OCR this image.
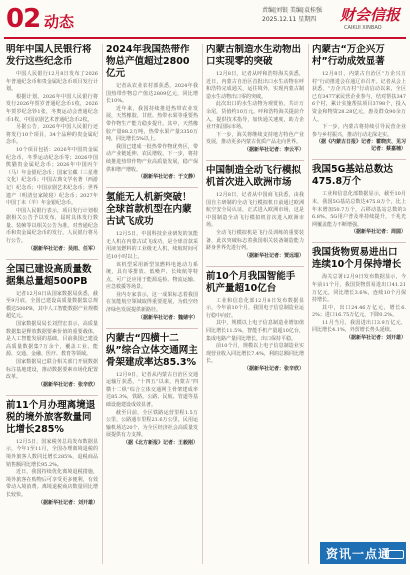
02 动态
责编|刘银 美编|袁桂强
2025.12.11 星期四	财会信报
CAIKUI XINBAO
明年中国人民银行将发行这些纪念币

中国人民银行12月8日发布了2026年普通纪念币和贵金属纪念币项目发行计划。

根据计划，2026年中国人民银行将发行2026年贺岁普通纪念币1枚，2026年贺岁纪念钞1张，冬奥运动会普通纪念币1枚，中国京剧艺术普通纪念币2枚。

另据公告，2026年中国人民银行还将发行10个项目，34个品种的贵金属纪念币。

10个项目包括：2026年中国贵金属纪念币，冬季运动纪念币等；2026中国熊猫贵金属纪念币；2026年中国丙午（马）年金银纪念币；国家宝藏（三星堆文化）纪念币；中国古典文学名著（西游记）纪念币；中国京剧艺术纪念币；世界遗产（明清皇家陵寝）纪念币；2027年中国丁未（羊）年金银纪念币。

中国人民银行表示，项目发行计划根据相关公告予以发布，届时具体发行数量、装帧等以相关公告为准。对普通纪念币和贵金属纪念币的发行，人民银行将另行公告。

（据新华社记者：吴雨、任军）
全国已建设高质量数据集总量超500PB

记者12月8日从国家数据局获悉，截至9月底，全国已建设高质量数据集总规模达500PB，其中人工智能数据产业规模超亿元。

国家数据局局长刘烈宏表示，高质量数据集是释放数据要素价值的重要载体，是人工智能发展的基础。目前我国已建设高质量数据集7万余个，覆盖工业、能源、交通、金融、医疗、教育等领域。

国家数据局已联合相关部门开展数据标注基地建设，推动数据要素市场化配置改革。

（据新华社记者：张辛欣）
前11个月办理离境退税的境外旅客数量同比增长285%

12月5日，国家税务总局发布数据显示，今年1至11月，全国办理离境退税的境外旅客人数同比增长285%，退税商品销售额同比增长95.2%。

近日，我国持续优化离境退税措施，境外旅客在购物后可享受更多便利，有效带动入境消费。离境退税商店数量同比增长较快。

（据新华社记者：刘开雄）
2024年我国热带作物总产值超过2800亿元

记者从农业农村部获悉，2024年我国热带作物总产值达2809亿元，同比增长10%。

近年来，我国持续推进热带农业发展，天然橡胶、甘蔗、热带水果等重要热带作物生产能力稳步提升。其中，天然橡胶产量88.2万吨，热带水果产量3350万吨，同比增长5%以上。

我国已建成一批热带作物优势区，带动产业链延伸、农民增收。下一步，将持续推进热带作物产业高质量发展，稳产保供和增产增收。

（据新华社记者：于文静）
氢能无人机新突破！全球首款机型在内蒙古试飞成功

12月5日，中国科技企业研发的氢能无人机在内蒙古试飞成功，是全球首款采用液氢燃料的工业级无人机，续航时间可达10小时以上。

该机型采用新型氢燃料电池动力系统，具有零排放、低噪声、长续航等特点，可广泛应用于能源巡检、物流运输、应急救援等场景。

业内专家表示，这一成果标志着我国在氢能航空领域取得重要进展，为低空经济绿色发展提供新路径。

（据新华社记者：魏婧宇）
内蒙古“四横十二纵”综合立体交通网主骨架建成率达85.3%

12月9日，记者从内蒙古自治区交通运输厅获悉，“十四五”以来，内蒙古“四横十二纵”综合立体交通网主骨架建成率达85.3%，铁路、公路、民航、管道等基础设施建设成效显著。

截至目前，全区铁路运营里程1.5万公里，公路通车里程21.6万公里，民用运输机场达20个，为全区经济社会高质量发展提供有力支撑。

（据《北方新报》记者：王毅刚）
内蒙古制造水生动物出口实现零的突破

12月8日，记者从呼和浩特海关获悉，近日，内蒙古自治区首批出口水生动物在呼和浩特完成通关，运往境外，实现内蒙古制造水生动物出口零的突破。

此次出口的水生动物为观赏鱼，共计万余尾，货值约10万元。呼和浩特海关提前介入，提供技术指导，加快通关速度，助力企业开拓国际市场。

下一步，海关将继续支持地方特色产业发展，推动更多内蒙古优质产品走向世界。

（据新华社记者：李云平）
中国制造全动飞行模拟机首次进入欧洲市场

12月8日，记者从中国商飞获悉，由我国自主研制的全动飞行模拟机日前通过欧洲航空安全局认证，正式进入欧洲市场，这是中国制造全动飞行模拟机首次进入欧洲市场。

全动飞行模拟机是飞行员训练的重要装备，此次突破标志着我国相关装备制造能力跻身世界先进行列。

（据新华社记者：贾远琨）
前10个月我国智能手机产量超10亿台

工业和信息化部12月8日发布数据显示，今年前10个月，我国电子信息制造业运行稳中向好。

其中，规模以上电子信息制造业增加值同比增长11.5%，智能手机产量超10亿台，集成电路产量同比增长，出口保持平稳。

前10个月，规模以上电子信息制造业实现营业收入同比增长7.4%，利润总额同比增长。

（据新华社记者：张辛欣）
内蒙古“万企兴万村”行动成效显著

12月8日，内蒙古自治区“万企兴万村”行动推进会在通辽市召开。记者从会上获悉，“万企兴万村”行动启动以来，全区已有3477家民营企业参与，结对帮扶3476个村，累计实施帮扶项目3798个，投入资金和物资28.28亿元，惠及群众90余万人。

下一步，内蒙古将持续引导民营企业参与乡村振兴，推动行动走深走实。

（据《内蒙古日报》记者：霍晓庆、见习记者：蔡嘉楠）
我国5G基站总数达475.8万个

工业和信息化部数据显示，截至10月末，我国5G基站总数达475.8万个，比上年末增加50.7万个，占移动基站总数的36.8%。5G用户普及率持续提升，千兆光网覆盖能力不断增强。

（据新华社记者：周圆）
我国货物贸易进出口连续10个月保持增长

海关总署12月9日发布数据显示，今年前11个月，我国货物贸易进出口41.21万亿元，同比增长3.6%，连续10个月保持增长。

其中，出口24.46万亿元，增长6.2%；进口16.75万亿元，下降0.2%。

11月当月，我国进出口3.9万亿元，同比增长4.1%，外贸增长势头延续。

（据新华社记者：刘开雄）
资讯一点通
